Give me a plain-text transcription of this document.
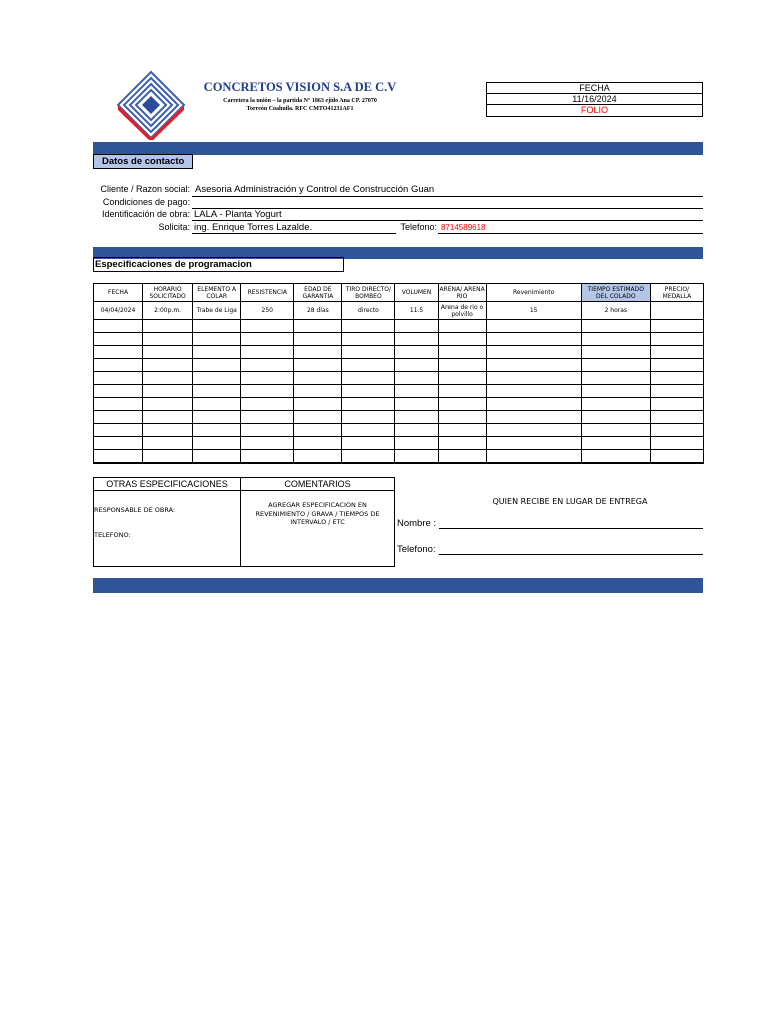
CONCRETOS VISION S.A DE C.V
Carretera la unión – la partida N° 1863 ejido Ana CP. 27070
Torreón Coahuila. RFC CMTO41231AF1
FECHA
11/16/2024
FOLIO
Datos de contacto
Cliente / Razon social: Asesoria Administración y Control de Construcción Guan
Condiciones de pago:
Identificación de obra: LALA - Planta Yogurt
Solicita: ing. Enrique Torres Lazalde.	Telefono: 8714589618
Especificaciones de programacion
FECHA	HORARIO SOLICITADO	ELEMENTO A COLAR	RESISTENCIA	EDAD DE GARANTIA	TIRO DIRECTO/ BOMBEO	VOLUMEN	ARENA/ ARENA RIO	Revenimiento	TIEMPO ESTIMADO DEL COLADO	PRECIO/ MEDALLA
04/04/2024	2:00p.m.	Trabe de Liga	250	28 días	directo	11.5	Arena de rio o polvillo	15	2 horas	

OTRAS ESPECIFICACIONES	COMENTARIOS
RESPONSABLE DE OBRA:
TELEFONO:
AGREGAR ESPECIFICACION EN REVENIMIENTO / GRAVA / TIEMPOS DE INTERVALO / ETC
QUIEN RECIBE EN LUGAR DE ENTREGA
Nombre :
Telefono:
